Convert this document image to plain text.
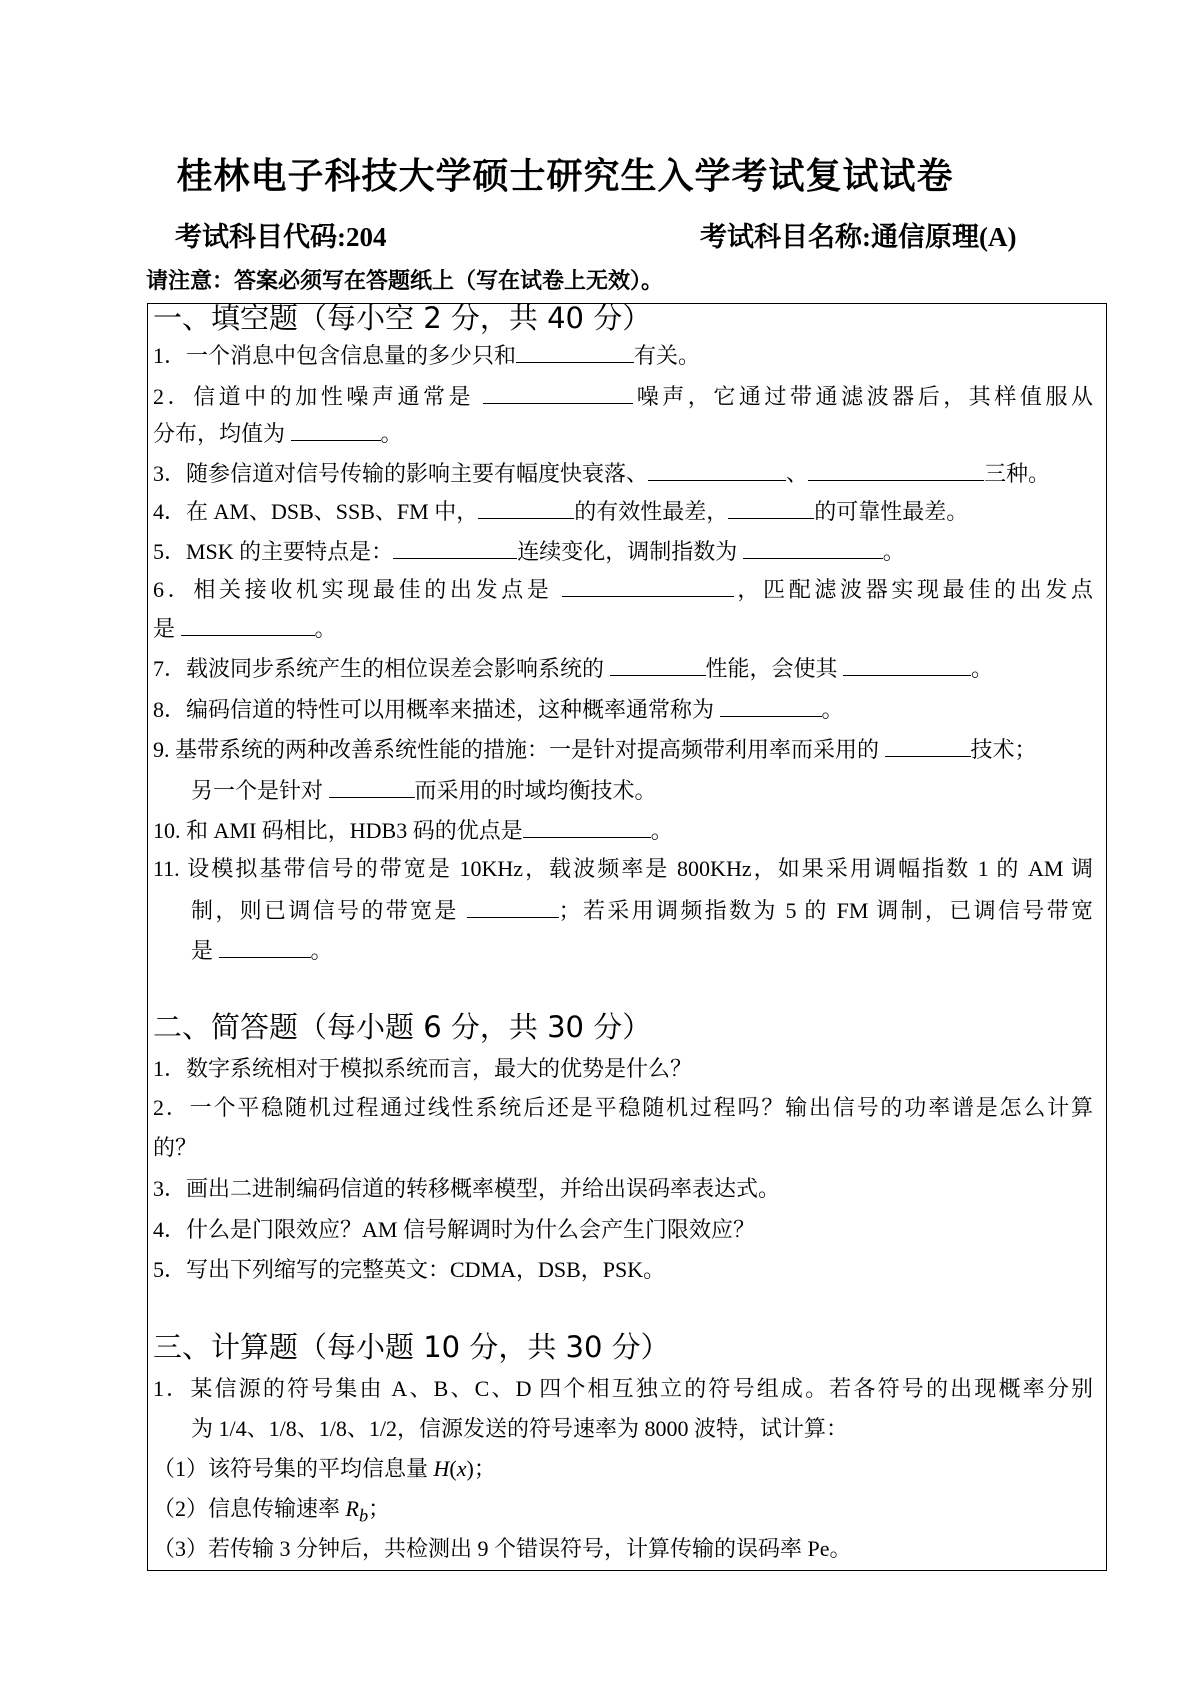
桂林电子科技大学硕士研究生入学考试复试试卷
考试科目代码:204	考试科目名称:通信原理(A)
请注意：答案必须写在答题纸上（写在试卷上无效）。
一、填空题（每小空 2 分，共 40 分）
1．一个消息中包含信息量的多少只和	有关。
2．信道中的加性噪声通常是	噪声，它通过带通滤波器后，其样值服从
分布，均值为	。
3．随参信道对信号传输的影响主要有幅度快衰落、	、	三种。
4．在 AM、DSB、SSB、FM 中，	的有效性最差，	的可靠性最差。
5．MSK 的主要特点是：	连续变化，调制指数为	。
6．相关接收机实现最佳的出发点是	，匹配滤波器实现最佳的出发点
是	。
7．载波同步系统产生的相位误差会影响系统的	性能，会使其	。
8．编码信道的特性可以用概率来描述，这种概率通常称为	。
9. 基带系统的两种改善系统性能的措施：一是针对提高频带利用率而采用的	技术；
另一个是针对	而采用的时域均衡技术。
10. 和 AMI 码相比，HDB3 码的优点是	。
11. 设模拟基带信号的带宽是 10KHz，载波频率是 800KHz，如果采用调幅指数 1 的 AM 调
制，则已调信号的带宽是	；若采用调频指数为 5 的 FM 调制，已调信号带宽
是	。
二、简答题（每小题 6 分，共 30 分）
1．数字系统相对于模拟系统而言，最大的优势是什么？
2．一个平稳随机过程通过线性系统后还是平稳随机过程吗？输出信号的功率谱是怎么计算
的？
3．画出二进制编码信道的转移概率模型，并给出误码率表达式。
4．什么是门限效应？AM 信号解调时为什么会产生门限效应？
5．写出下列缩写的完整英文：CDMA，DSB，PSK。
三、计算题（每小题 10 分，共 30 分）
1．某信源的符号集由 A、B、C、D 四个相互独立的符号组成。若各符号的出现概率分别
为 1/4、1/8、1/8、1/2，信源发送的符号速率为 8000 波特，试计算：
（1）该符号集的平均信息量 H(x)；
（2）信息传输速率 $R_b$；
（3）若传输 3 分钟后，共检测出 9 个错误符号，计算传输的误码率 Pe。
